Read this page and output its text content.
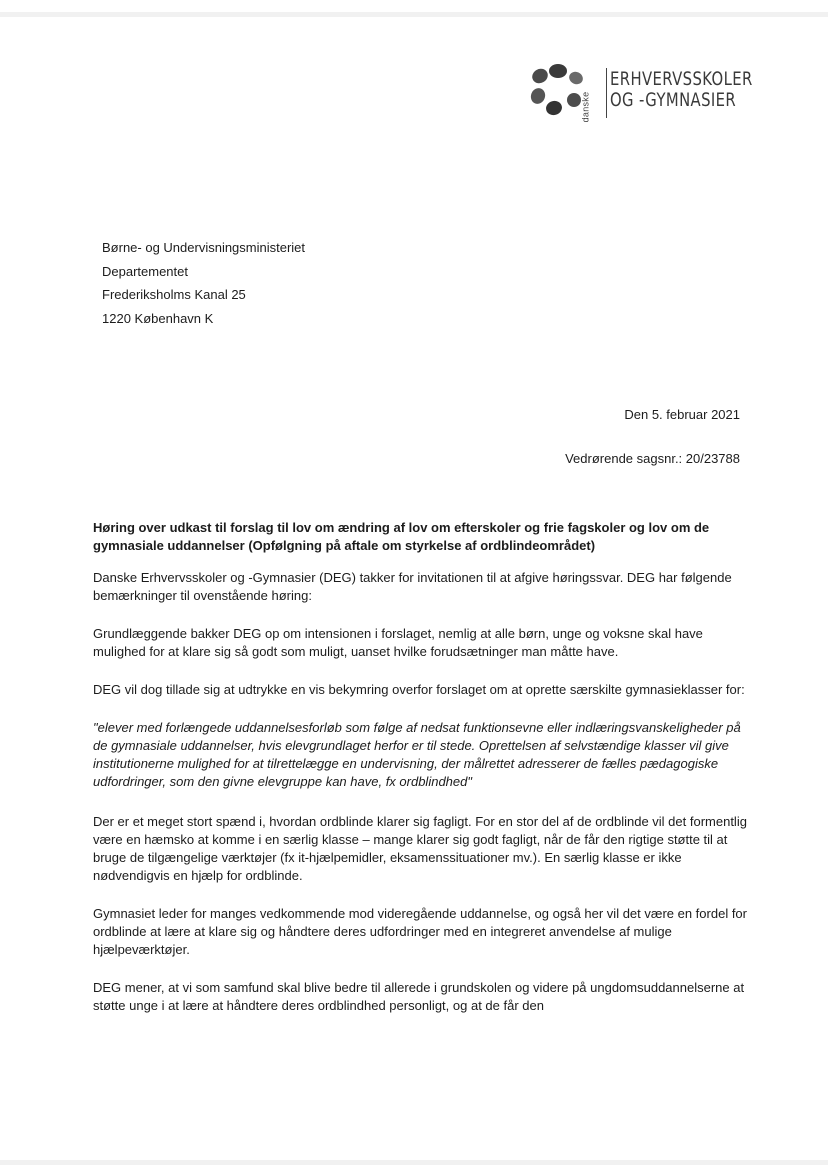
danske
ERHVERVSSKOLER
OG -GYMNASIER
Børne- og Undervisningsministeriet
Departementet
Frederiksholms Kanal 25
1220 København K
Den 5. februar 2021
Vedrørende sagsnr.: 20/23788

Høring over udkast til forslag til lov om ændring af lov om efterskoler og frie fagskoler og lov om de gymnasiale uddannelser (Opfølgning på aftale om styrkelse af ordblindeområdet)

Danske Erhvervsskoler og -Gymnasier (DEG) takker for invitationen til at afgive høringssvar. DEG har følgende bemærkninger til ovenstående høring:

Grundlæggende bakker DEG op om intensionen i forslaget, nemlig at alle børn, unge og voksne skal have mulighed for at klare sig så godt som muligt, uanset hvilke forudsætninger man måtte have.

DEG vil dog tillade sig at udtrykke en vis bekymring overfor forslaget om at oprette særskilte gymnasieklasser for:

"elever med forlængede uddannelsesforløb som følge af nedsat funktionsevne eller indlæringsvanskeligheder på de gymnasiale uddannelser, hvis elevgrundlaget herfor er til stede. Oprettelsen af selvstændige klasser vil give institutionerne mulighed for at tilrettelægge en undervisning, der målrettet adresserer de fælles pædagogiske udfordringer, som den givne elevgruppe kan have, fx ordblindhed"

Der er et meget stort spænd i, hvordan ordblinde klarer sig fagligt. For en stor del af de ordblinde vil det formentlig være en hæmsko at komme i en særlig klasse – mange klarer sig godt fagligt, når de får den rigtige støtte til at bruge de tilgængelige værktøjer (fx it-hjælpemidler, eksamenssituationer mv.). En særlig klasse er ikke nødvendigvis en hjælp for ordblinde.

Gymnasiet leder for manges vedkommende mod videregående uddannelse, og også her vil det være en fordel for ordblinde at lære at klare sig og håndtere deres udfordringer med en integreret anvendelse af mulige hjælpeværktøjer.

DEG mener, at vi som samfund skal blive bedre til allerede i grundskolen og videre på ungdomsuddannelserne at støtte unge i at lære at håndtere deres ordblindhed personligt, og at de får den
